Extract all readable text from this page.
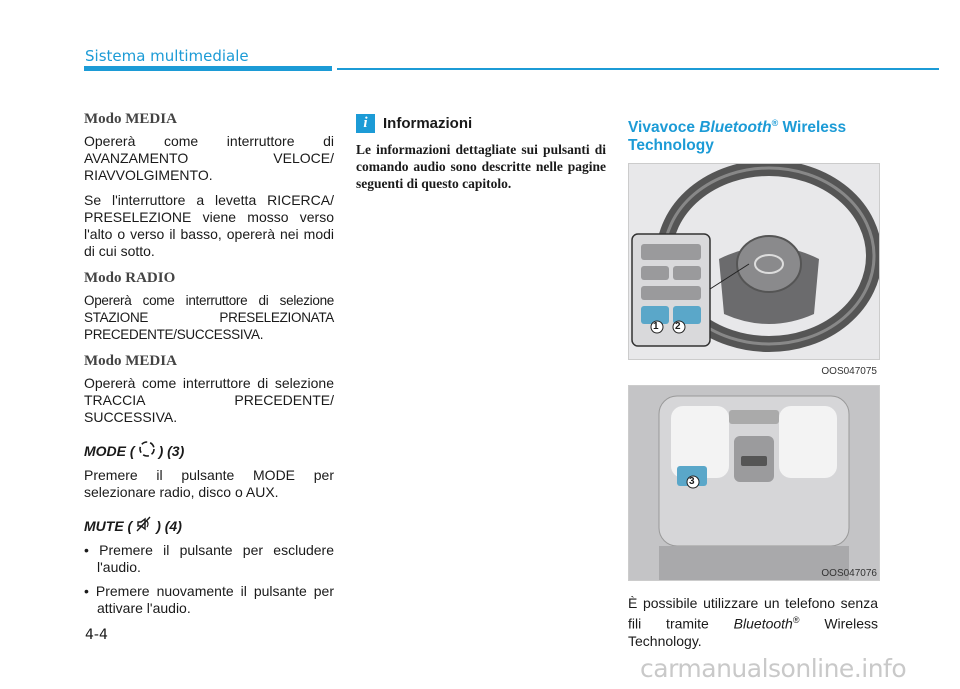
Sistema multimediale
Modo MEDIA

Opererà come interruttore di AVANZAMENTO VELOCE/ RIAVVOLGIMENTO.

Se l'interruttore a levetta RICERCA/ PRESELEZIONE viene mosso verso l'alto o verso il basso, opererà nei modi di cui sotto.

Modo RADIO

Opererà come interruttore di selezione STAZIONE PRESELEZIONATA PRECEDENTE/SUCCESSIVA.

Modo MEDIA

Opererà come interruttore di selezione TRACCIA PRECEDENTE/ SUCCESSIVA.

MODE ( ) (3)

Premere il pulsante MODE per selezionare radio, disco o AUX.

MUTE ( ) (4)
• Premere il pulsante per escludere l'audio.
• Premere nuovamente il pulsante per attivare l'audio.
i	Informazioni

Le informazioni dettagliate sui pulsanti di comando audio sono descritte nelle pagine seguenti di questo capitolo.

Vivavoce Bluetooth® Wireless Technology
1 2
OOS047075
3
OOS047076

È possibile utilizzare un telefono senza fili tramite Bluetooth® Wireless Technology.

4-4
carmanualsonline.info
